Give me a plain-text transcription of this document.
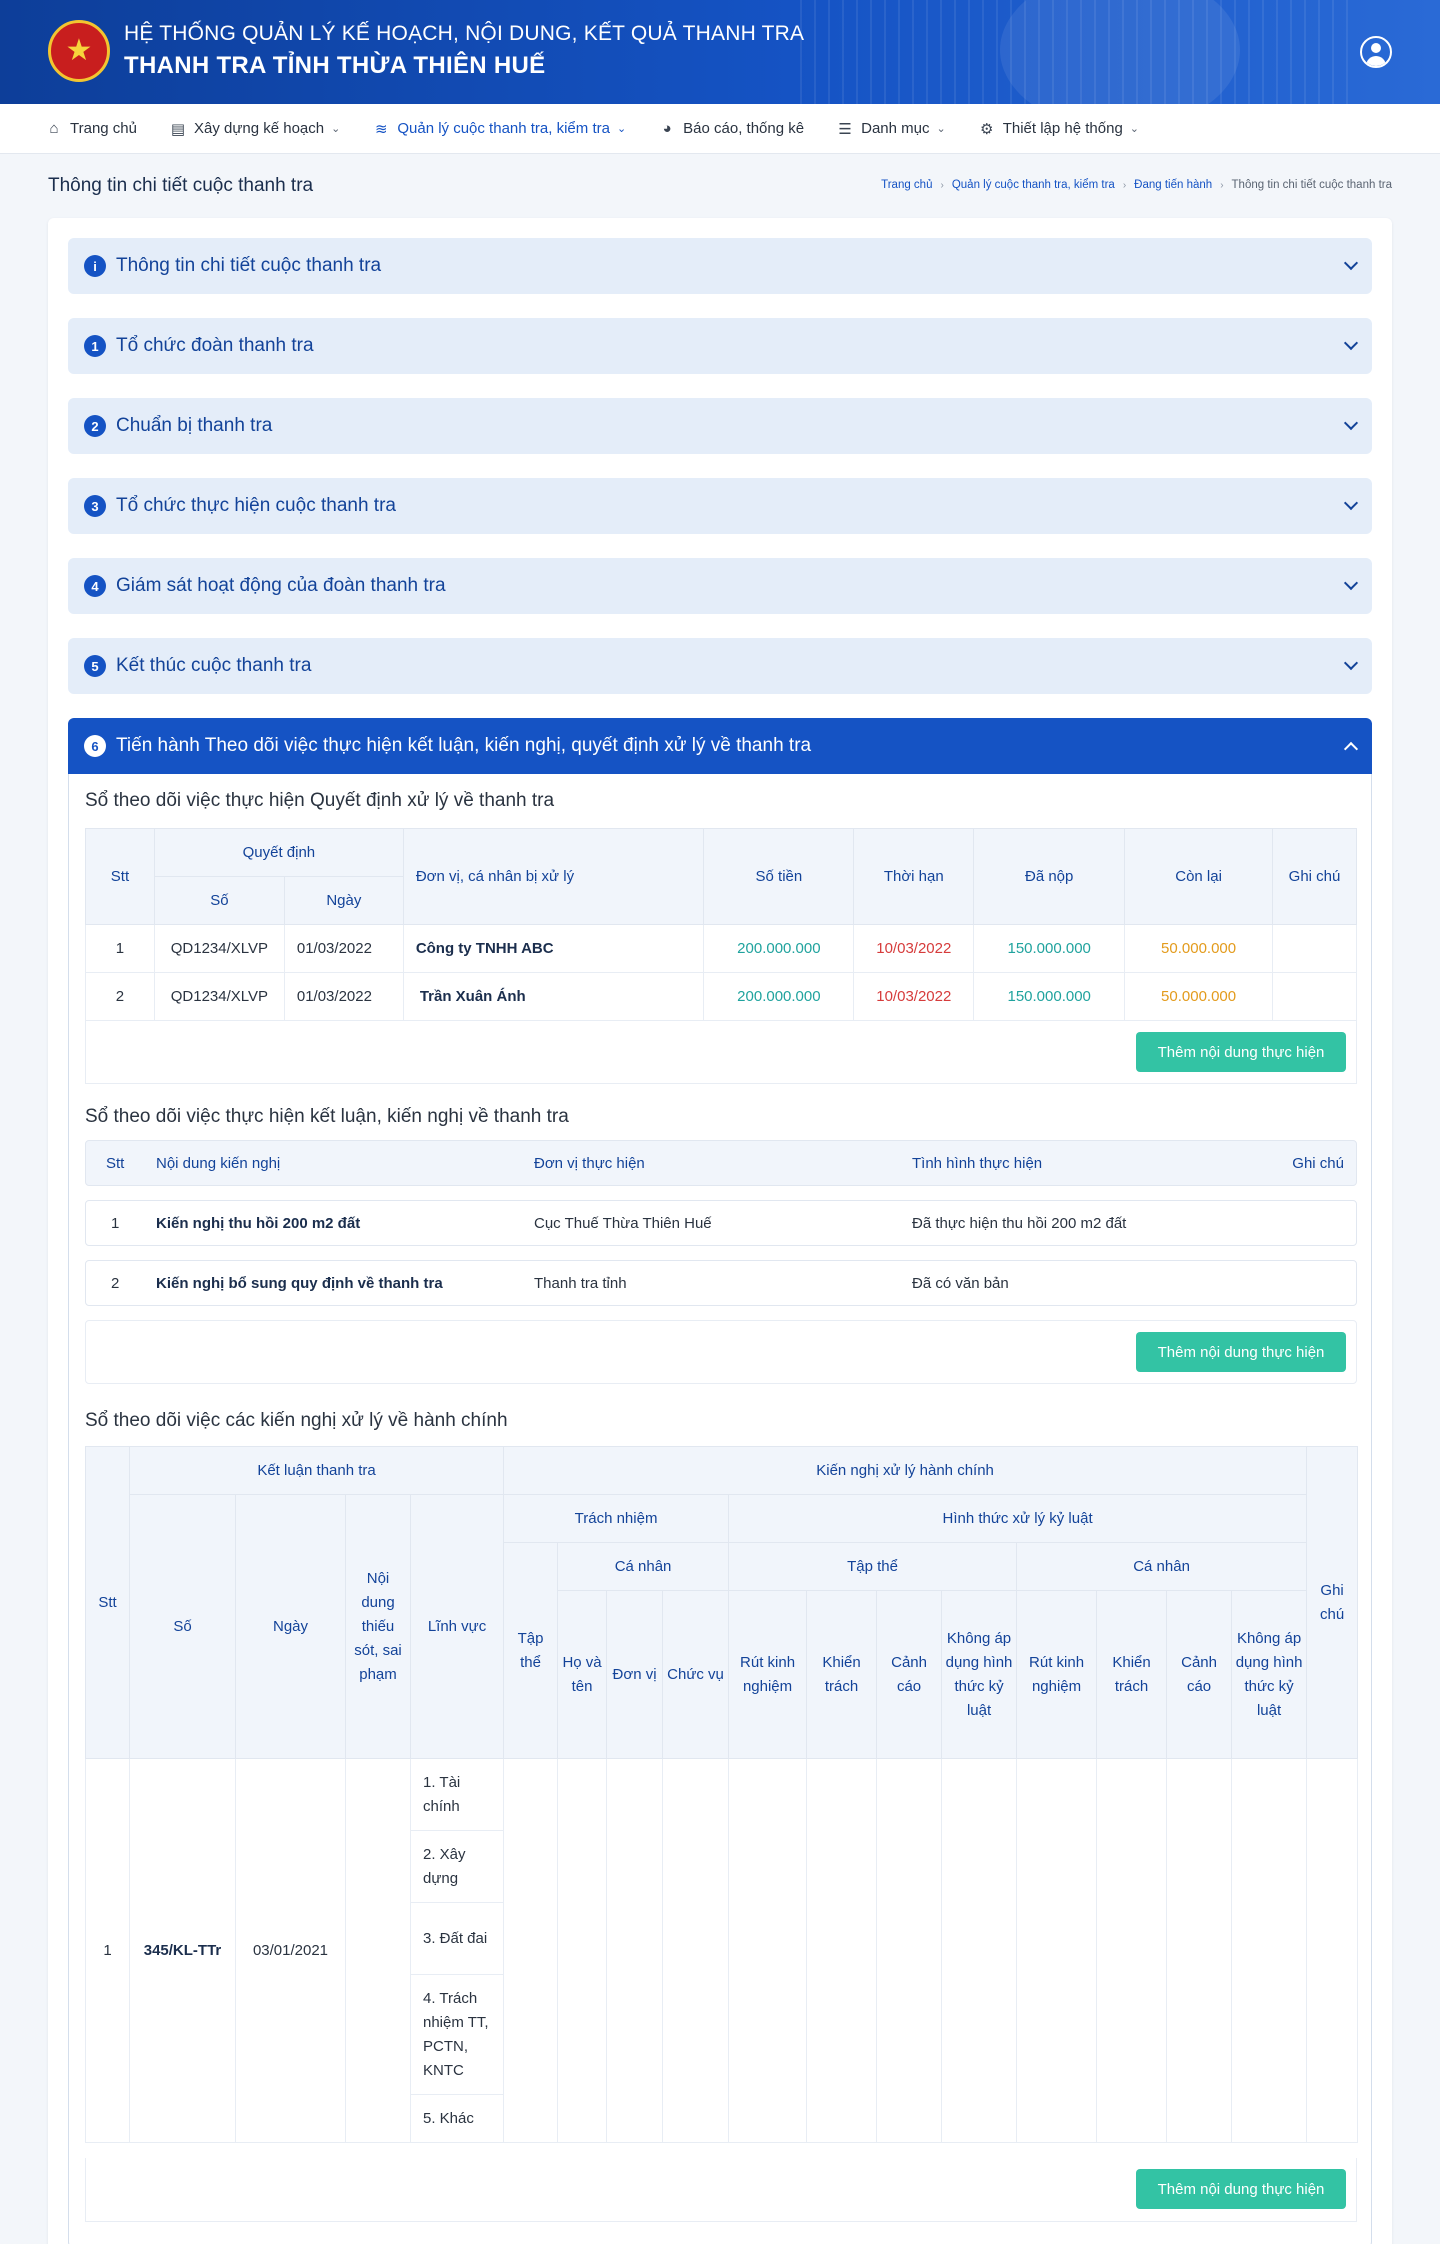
★
HỆ THỐNG QUẢN LÝ KẾ HOẠCH, NỘI DUNG, KẾT QUẢ THANH TRA
THANH TRA TỈNH THỪA THIÊN HUẾ
⌂ Trang chủ ▤ Xây dựng kế hoạch ⌄ ≋ Quản lý cuộc thanh tra, kiểm tra ⌄ ◕ Báo cáo, thống kê ☰ Danh mục ⌄ ⚙ Thiết lập hệ thống ⌄
Thông tin chi tiết cuộc thanh tra	Trang chủ › Quản lý cuộc thanh tra, kiểm tra › Đang tiến hành › Thông tin chi tiết cuộc thanh tra
i	Thông tin chi tiết cuộc thanh tra
1 Tổ chức đoàn thanh tra
2 Chuẩn bị thanh tra
3 Tổ chức thực hiện cuộc thanh tra
4 Giám sát hoạt động của đoàn thanh tra
5 Kết thúc cuộc thanh tra
6 Tiến hành Theo dõi việc thực hiện kết luận, kiến nghị, quyết định xử lý về thanh tra
Sổ theo dõi việc thực hiện Quyết định xử lý về thanh tra
Stt	Quyết định		Đơn vị, cá nhân bị xử lý	Số tiền	Thời hạn	Đã nộp	Còn lại	Ghi chú
	Số	Ngày						
1	QD1234/XLVP	01/03/2022	Công ty TNHH ABC	200.000.000	10/03/2022	150.000.000	50.000.000	
2	QD1234/XLVP	01/03/2022	Trần Xuân Ánh	200.000.000	10/03/2022	150.000.000	50.000.000	
Thêm nội dung thực hiện
Sổ theo dõi việc thực hiện kết luận, kiến nghị về thanh tra
Stt Nội dung kiến nghị	Đơn vị thực hiện	Tình hình thực hiện	Ghi chú
1 Kiến nghị thu hồi 200 m2 đất	Cục Thuế Thừa Thiên Huế	Đã thực hiện thu hồi 200 m2 đất
2 Kiến nghị bổ sung quy định về thanh tra	Thanh tra tỉnh	Đã có văn bản
Thêm nội dung thực hiện
Sổ theo dõi việc các kiến nghị xử lý về hành chính
Stt	Kết luận thanh tra				Kiến nghị xử lý hành chính												Ghi chú
	Số	Ngày	Nội dung thiếu sót, sai phạm	Lĩnh vực	Trách nhiệm				Hình thức xử lý kỷ luật								
					Tập thể	Cá nhân			Tập thể				Cá nhân				
						Họ và tên	Đơn vị	Chức vụ	Rút kinh nghiệm	Khiển trách	Cảnh cáo	Không áp dụng hình thức kỷ luật	Rút kinh nghiệm	Khiển trách	Cảnh cáo	Không áp dụng hình thức kỷ luật	
1	345/KL-TTr	03/01/2021		1. Tài chính													
				2. Xây dựng													
				3. Đất đai													
				4. Trách nhiệm TT, PCTN, KNTC													
				5. Khác													
Thêm nội dung thực hiện
